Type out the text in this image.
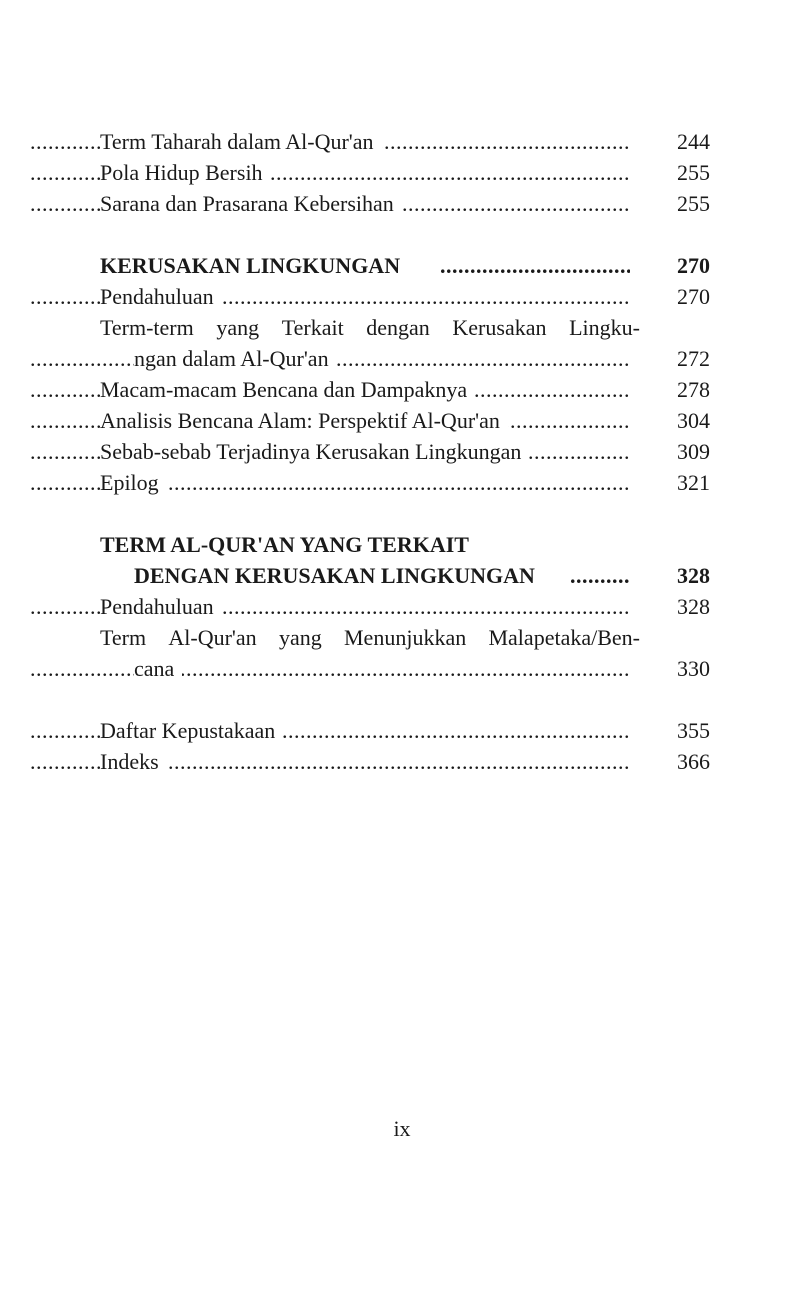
.....
Term Taharah dalam Al-Qur'an	244
.....
Pola Hidup Bersih	255
.....
Sarana dan Prasarana Kebersihan	255
.....
KERUSAKAN LINGKUNGAN	270
.....
Pendahuluan	270
Term-term yang Terkait dengan Kerusakan Lingku-
.....
ngan dalam Al-Qur'an	272
.....
Macam-macam Bencana dan Dampaknya	278
.....
Analisis Bencana Alam: Perspektif Al-Qur'an	304
.....
Sebab-sebab Terjadinya Kerusakan Lingkungan	309
.....
Epilog	321
TERM AL-QUR'AN YANG TERKAIT
.....
DENGAN KERUSAKAN LINGKUNGAN	328
.....
Pendahuluan	328
Term Al-Qur'an yang Menunjukkan Malapetaka/Ben-
.....
cana	330
.....
Daftar Kepustakaan	355
.....
Indeks	366
ix
